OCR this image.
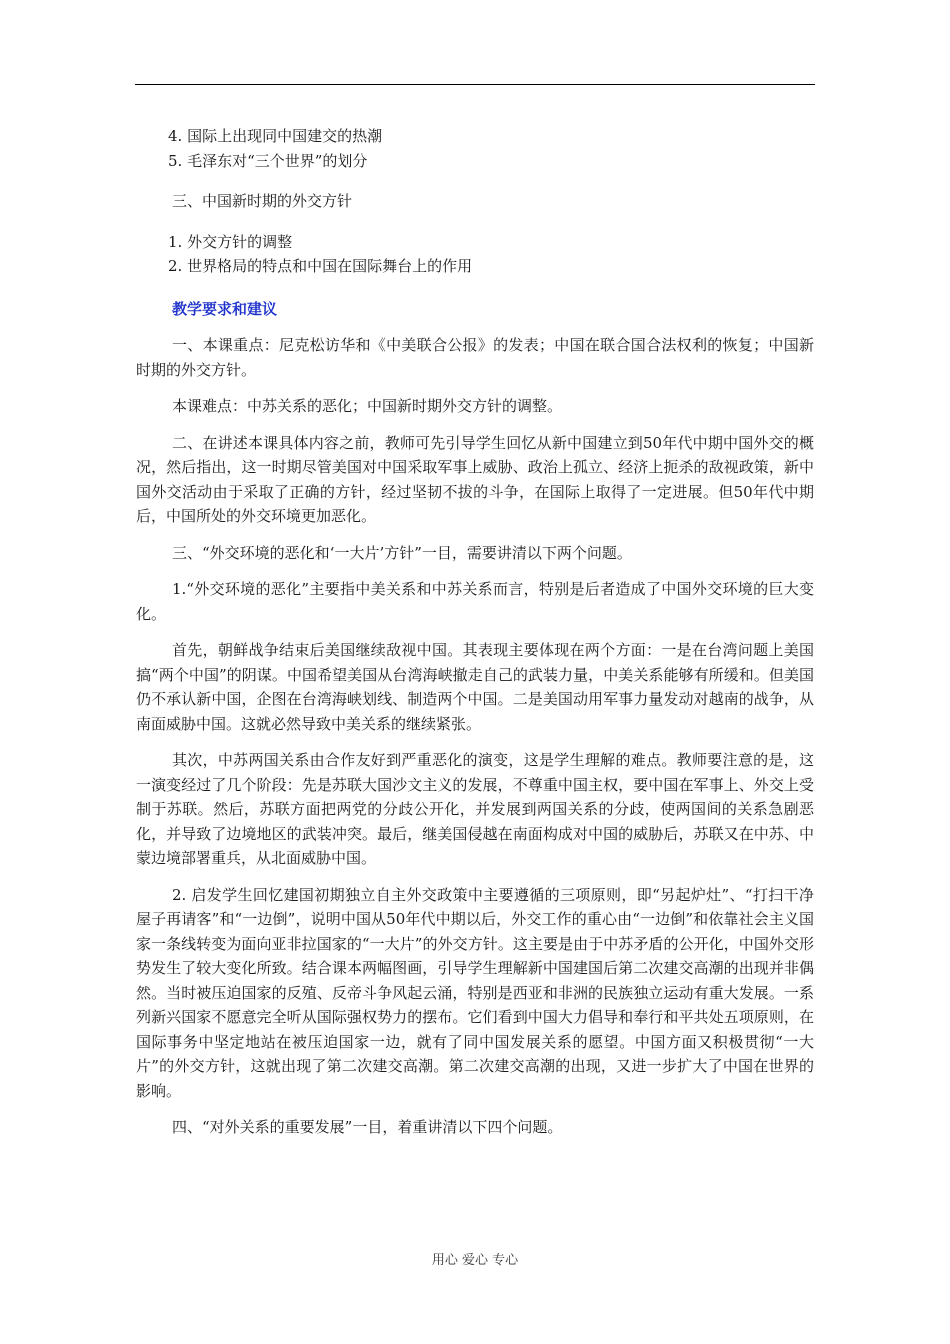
4. 国际上出现同中国建交的热潮

5. 毛泽东对“三个世界”的划分

三、中国新时期的外交方针

1. 外交方针的调整

2. 世界格局的特点和中国在国际舞台上的作用

教学要求和建议

一、本课重点：尼克松访华和《中美联合公报》的发表；中国在联合国合法权利的恢复；中国新时期的外交方针。

本课难点：中苏关系的恶化；中国新时期外交方针的调整。

二、在讲述本课具体内容之前，教师可先引导学生回忆从新中国建立到50年代中期中国外交的概况，然后指出，这一时期尽管美国对中国采取军事上威胁、政治上孤立、经济上扼杀的敌视政策，新中国外交活动由于采取了正确的方针，经过坚韧不拔的斗争，在国际上取得了一定进展。但50年代中期后，中国所处的外交环境更加恶化。

三、“外交环境的恶化和‘一大片’方针”一目，需要讲清以下两个问题。

1.“外交环境的恶化”主要指中美关系和中苏关系而言，特别是后者造成了中国外交环境的巨大变化。

首先，朝鲜战争结束后美国继续敌视中国。其表现主要体现在两个方面：一是在台湾问题上美国搞“两个中国”的阴谋。中国希望美国从台湾海峡撤走自己的武装力量，中美关系能够有所缓和。但美国仍不承认新中国，企图在台湾海峡划线、制造两个中国。二是美国动用军事力量发动对越南的战争，从南面威胁中国。这就必然导致中美关系的继续紧张。

其次，中苏两国关系由合作友好到严重恶化的演变，这是学生理解的难点。教师要注意的是，这一演变经过了几个阶段：先是苏联大国沙文主义的发展，不尊重中国主权，要中国在军事上、外交上受制于苏联。然后，苏联方面把两党的分歧公开化，并发展到两国关系的分歧，使两国间的关系急剧恶化，并导致了边境地区的武装冲突。最后，继美国侵越在南面构成对中国的威胁后，苏联又在中苏、中蒙边境部署重兵，从北面威胁中国。

2. 启发学生回忆建国初期独立自主外交政策中主要遵循的三项原则，即“另起炉灶”、“打扫干净屋子再请客”和“一边倒”，说明中国从50年代中期以后，外交工作的重心由“一边倒”和依靠社会主义国家一条线转变为面向亚非拉国家的“一大片”的外交方针。这主要是由于中苏矛盾的公开化，中国外交形势发生了较大变化所致。结合课本两幅图画，引导学生理解新中国建国后第二次建交高潮的出现并非偶然。当时被压迫国家的反殖、反帝斗争风起云涌，特别是西亚和非洲的民族独立运动有重大发展。一系列新兴国家不愿意完全听从国际强权势力的摆布。它们看到中国大力倡导和奉行和平共处五项原则，在国际事务中坚定地站在被压迫国家一边，就有了同中国发展关系的愿望。中国方面又积极贯彻“一大片”的外交方针，这就出现了第二次建交高潮。第二次建交高潮的出现，又进一步扩大了中国在世界的影响。

四、“对外关系的重要发展”一目，着重讲清以下四个问题。

用心 爱心 专心
